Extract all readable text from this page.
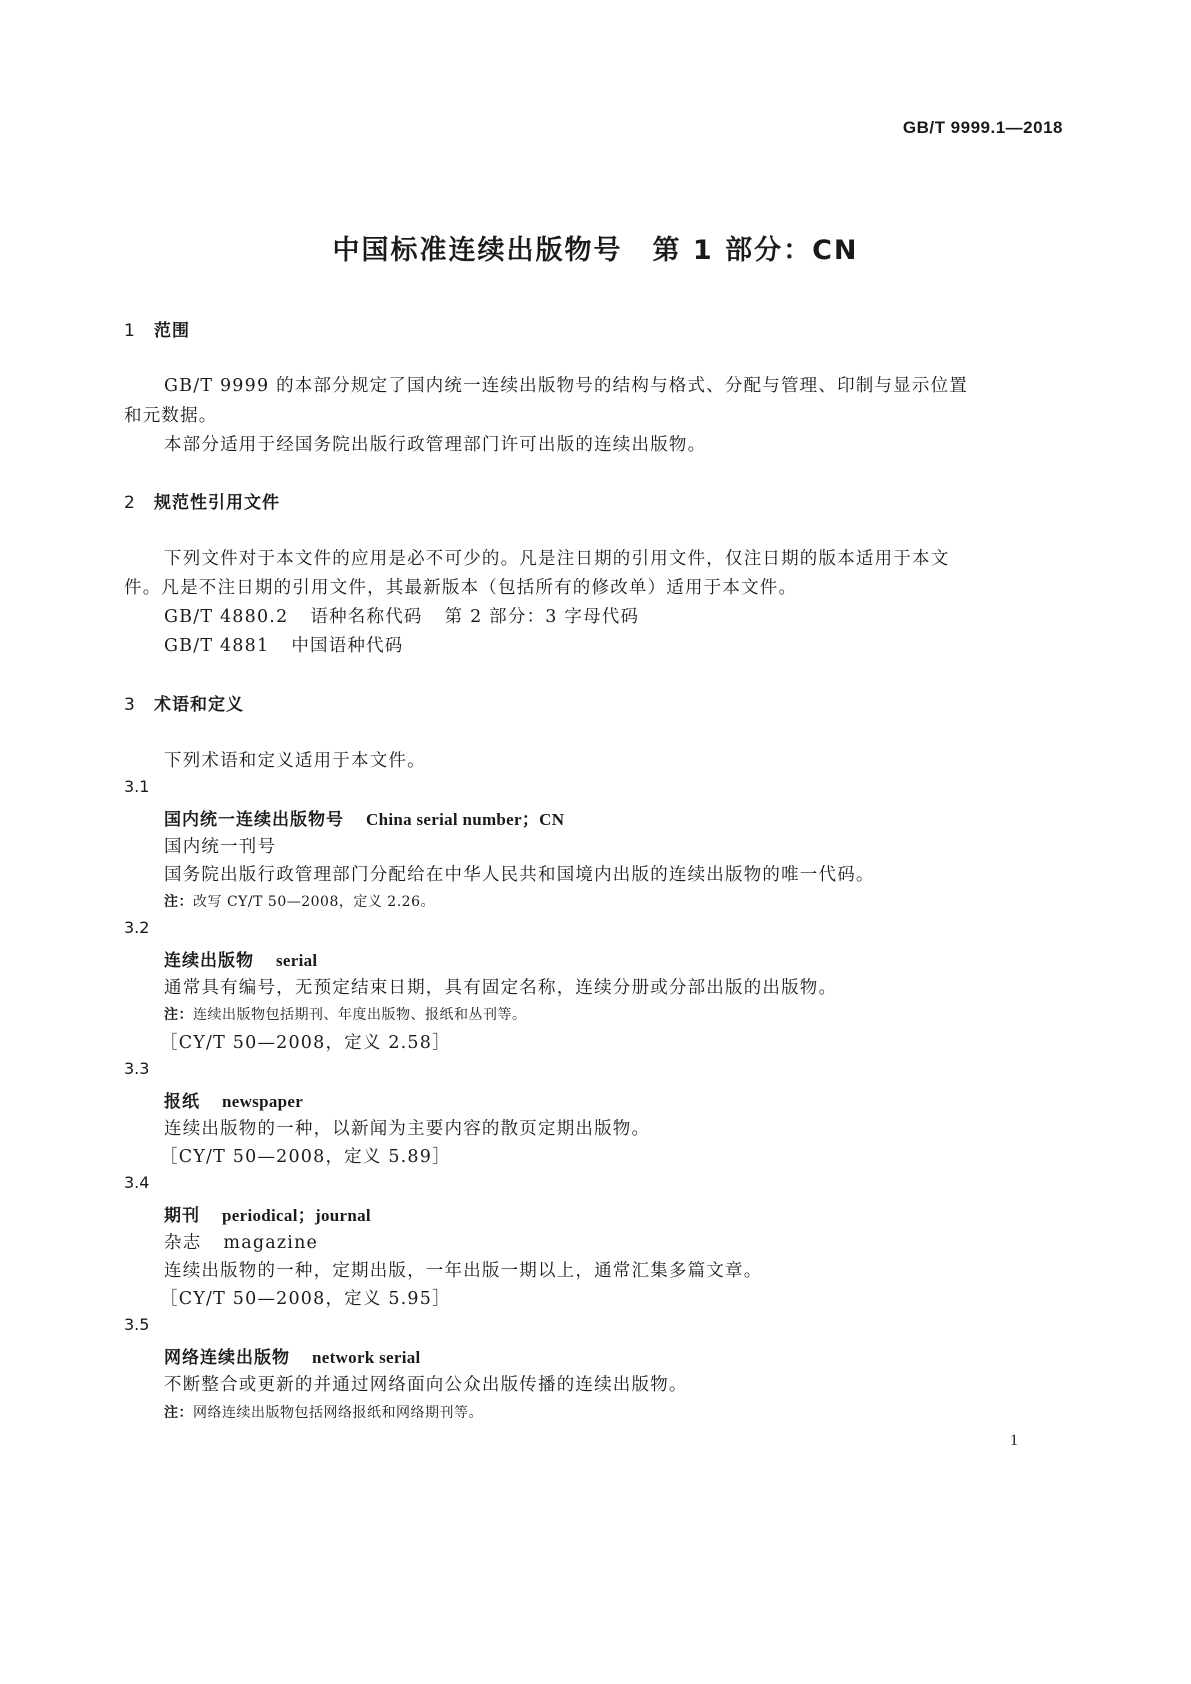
GB/T 9999.1—2018
中国标准连续出版物号 第 1 部分：CN
1 范围
GB/T 9999 的本部分规定了国内统一连续出版物号的结构与格式、分配与管理、印制与显示位置
和元数据。
本部分适用于经国务院出版行政管理部门许可出版的连续出版物。
2 规范性引用文件
下列文件对于本文件的应用是必不可少的。凡是注日期的引用文件，仅注日期的版本适用于本文
件。凡是不注日期的引用文件，其最新版本（包括所有的修改单）适用于本文件。
GB/T 4880.2 语种名称代码 第 2 部分：3 字母代码
GB/T 4881 中国语种代码
3 术语和定义
下列术语和定义适用于本文件。
3.1
国内统一连续出版物号 China serial number；CN
国内统一刊号
国务院出版行政管理部门分配给在中华人民共和国境内出版的连续出版物的唯一代码。
注：改写 CY/T 50—2008，定义 2.26。
3.2
连续出版物 serial
通常具有编号，无预定结束日期，具有固定名称，连续分册或分部出版的出版物。
注：连续出版物包括期刊、年度出版物、报纸和丛刊等。
［CY/T 50—2008，定义 2.58］
3.3
报纸 newspaper
连续出版物的一种，以新闻为主要内容的散页定期出版物。
［CY/T 50—2008，定义 5.89］
3.4
期刊 periodical；journal
杂志 magazine
连续出版物的一种，定期出版，一年出版一期以上，通常汇集多篇文章。
［CY/T 50—2008，定义 5.95］
3.5
网络连续出版物 network serial
不断整合或更新的并通过网络面向公众出版传播的连续出版物。
注：网络连续出版物包括网络报纸和网络期刊等。
1
